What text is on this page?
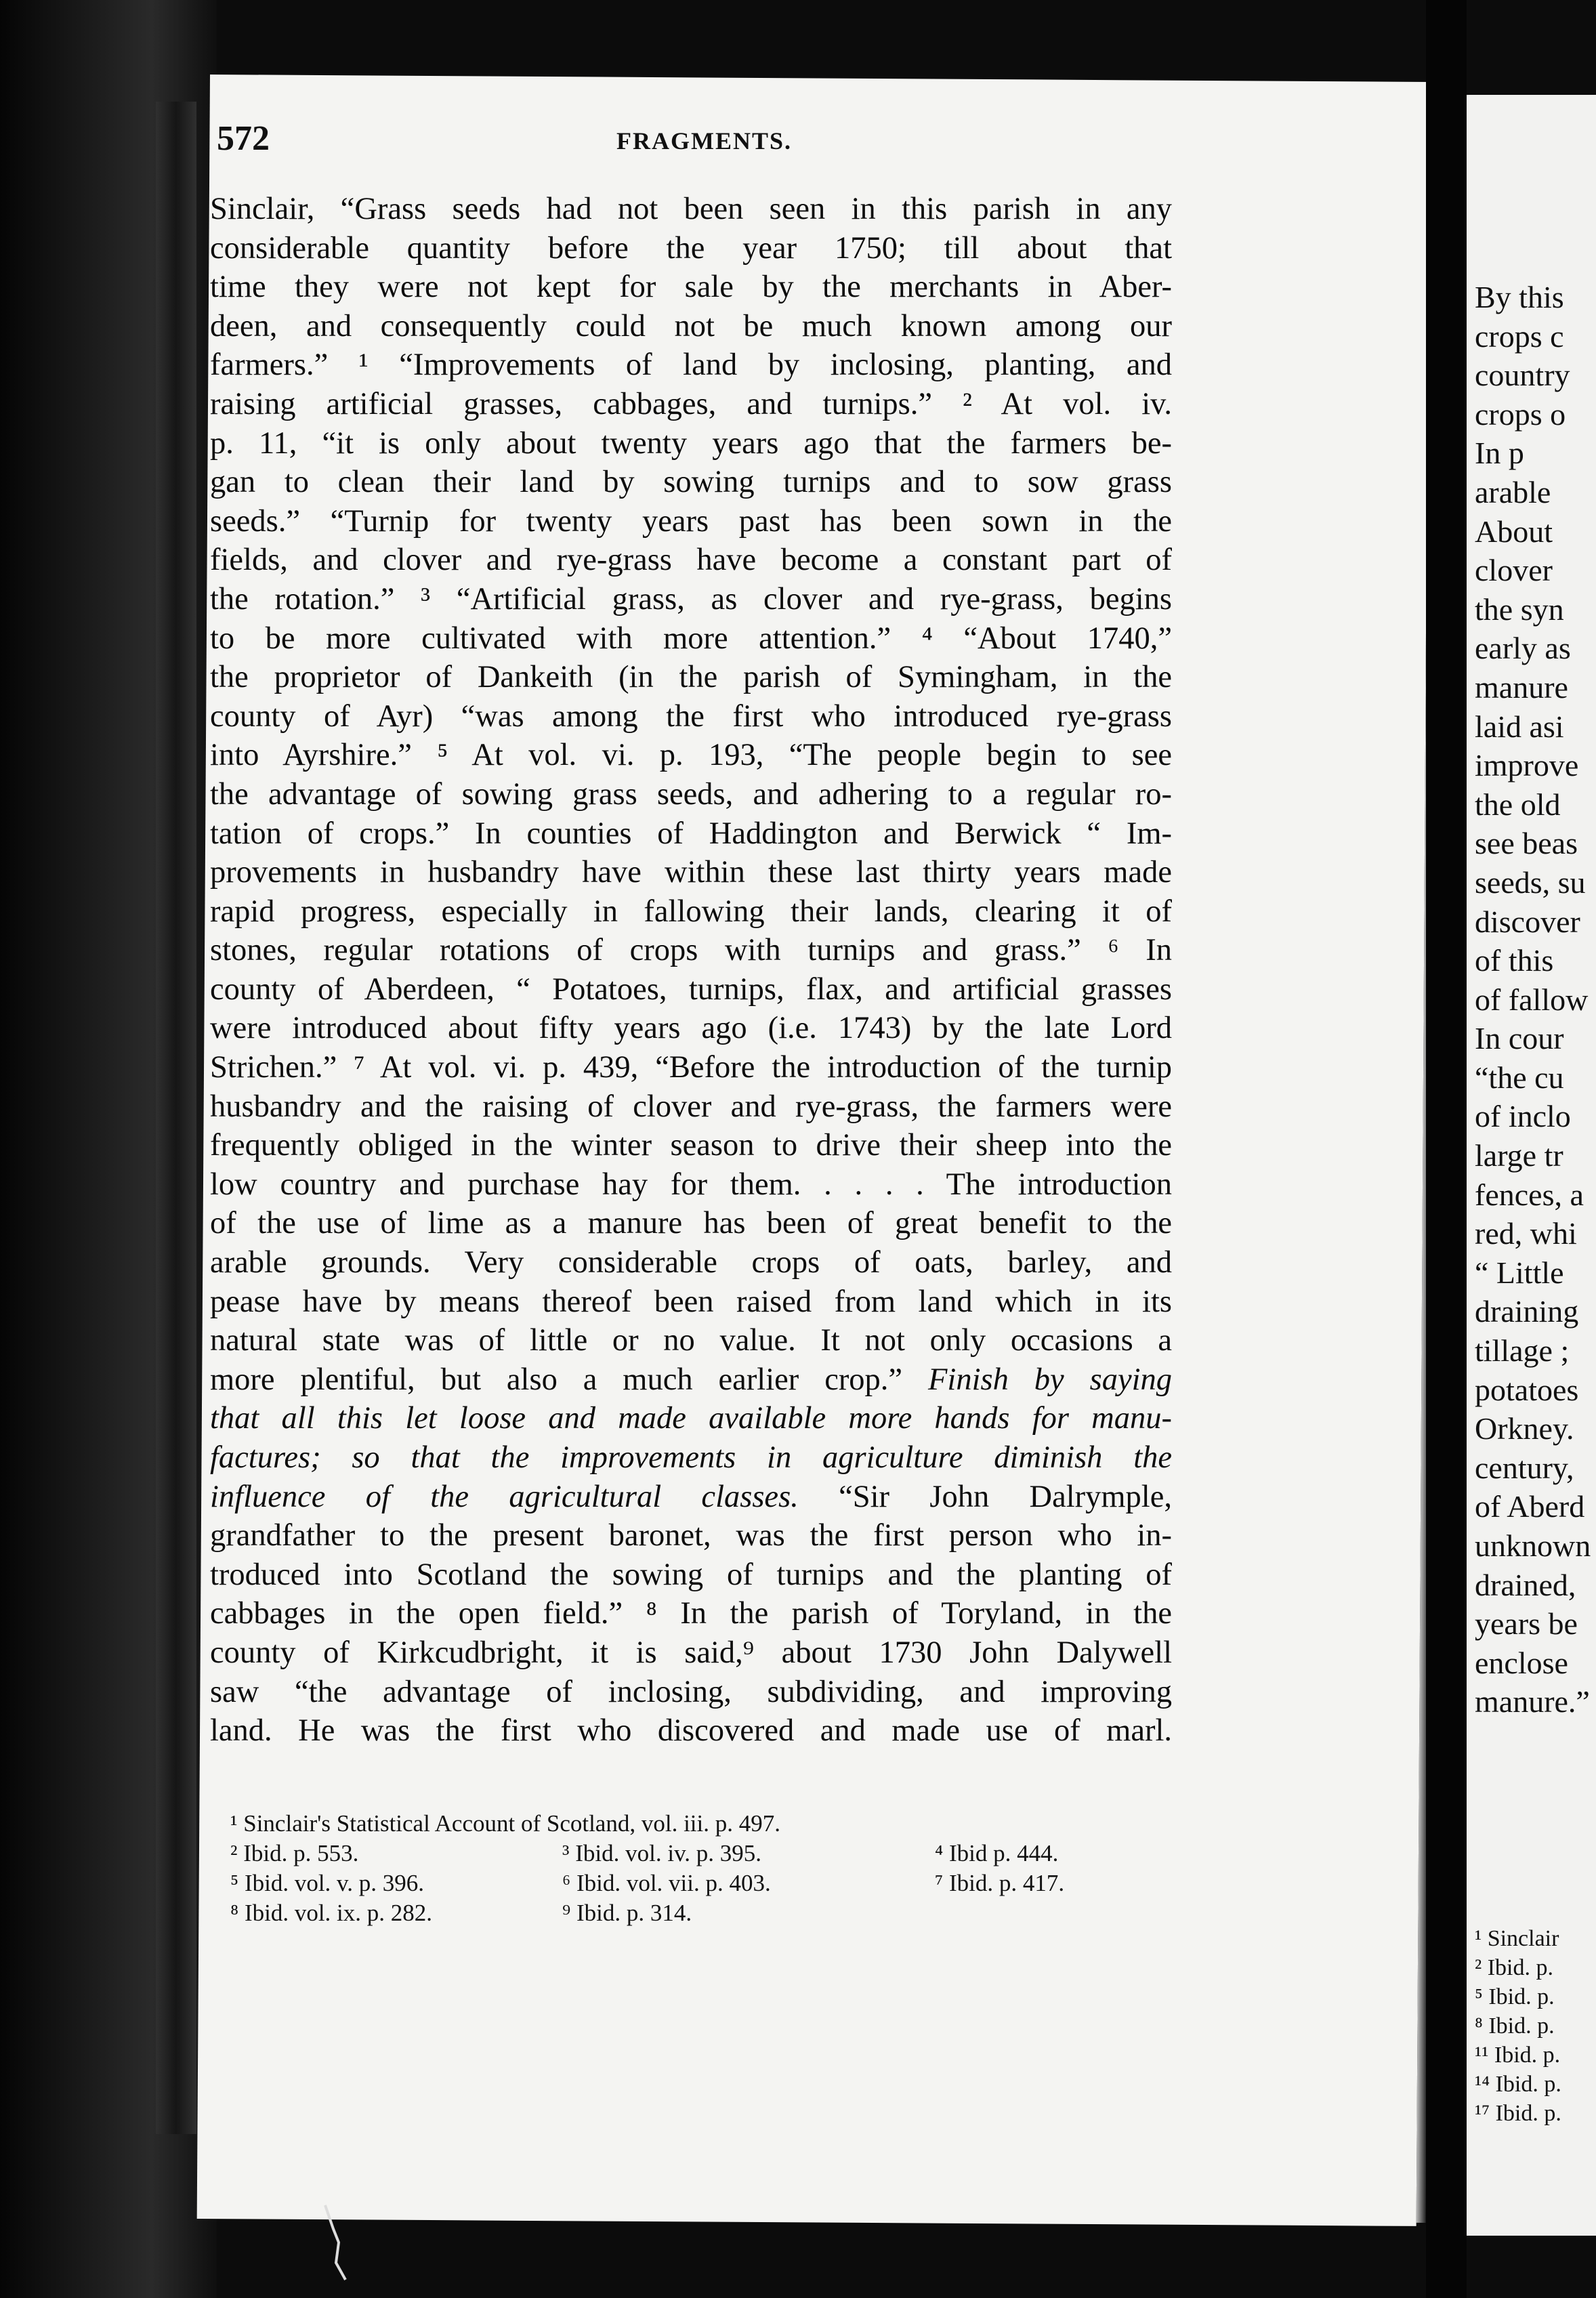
572	FRAGMENTS.
Sinclair, “Grass seeds had not been seen in this parish in any
considerable quantity before the year 1750; till about that
time they were not kept for sale by the merchants in Aber-
deen, and consequently could not be much known among our
farmers.” ¹ “Improvements of land by inclosing, planting, and
raising artificial grasses, cabbages, and turnips.” ² At vol. iv.
p. 11, “it is only about twenty years ago that the farmers be-
gan to clean their land by sowing turnips and to sow grass
seeds.” “Turnip for twenty years past has been sown in the
fields, and clover and rye-grass have become a constant part of
the rotation.” ³ “Artificial grass, as clover and rye-grass, begins
to be more cultivated with more attention.” ⁴ “About 1740,”
the proprietor of Dankeith (in the parish of Symingham, in the
county of Ayr) “was among the first who introduced rye-grass
into Ayrshire.” ⁵ At vol. vi. p. 193, “The people begin to see
the advantage of sowing grass seeds, and adhering to a regular ro-
tation of crops.” In counties of Haddington and Berwick “ Im-
provements in husbandry have within these last thirty years made
rapid progress, especially in fallowing their lands, clearing it of
stones, regular rotations of crops with turnips and grass.” ⁶ In
county of Aberdeen, “ Potatoes, turnips, flax, and artificial grasses
were introduced about fifty years ago (i.e. 1743) by the late Lord
Strichen.” ⁷ At vol. vi. p. 439, “Before the introduction of the turnip
husbandry and the raising of clover and rye-grass, the farmers were
frequently obliged in the winter season to drive their sheep into the
low country and purchase hay for them. . . . . The introduction
of the use of lime as a manure has been of great benefit to the
arable grounds. Very considerable crops of oats, barley, and
pease have by means thereof been raised from land which in its
natural state was of little or no value. It not only occasions a
more plentiful, but also a much earlier crop.” Finish by saying
that all this let loose and made available more hands for manu-
factures; so that the improvements in agriculture diminish the
influence of the agricultural classes. “Sir John Dalrymple,
grandfather to the present baronet, was the first person who in-
troduced into Scotland the sowing of turnips and the planting of
cabbages in the open field.” ⁸ In the parish of Toryland, in the
county of Kirkcudbright, it is said,⁹ about 1730 John Dalywell
saw “the advantage of inclosing, subdividing, and improving
land. He was the first who discovered and made use of marl.
¹ Sinclair's Statistical Account of Scotland, vol. iii. p. 497.
² Ibid. p. 553.	³ Ibid. vol. iv. p. 395.	⁴ Ibid p. 444.
⁵ Ibid. vol. v. p. 396.	⁶ Ibid. vol. vii. p. 403.	⁷ Ibid. p. 417.
⁸ Ibid. vol. ix. p. 282.	⁹ Ibid. p. 314.
By this
crops c
country
crops o
In p
arable
About
clover
the syn
early as
manure
laid asi
improve
the old
see beas
seeds, su
discover
of this
of fallow
In cour
“the cu
of inclo
large tr
fences, a
red, whi
“ Little
draining
tillage ;
potatoes
Orkney.
century,
of Aberd
unknown
drained,
years be
enclose
manure.”
¹ Sinclair
² Ibid. p.
⁵ Ibid. p.
⁸ Ibid. p.
¹¹ Ibid. p.
¹⁴ Ibid. p.
¹⁷ Ibid. p.
